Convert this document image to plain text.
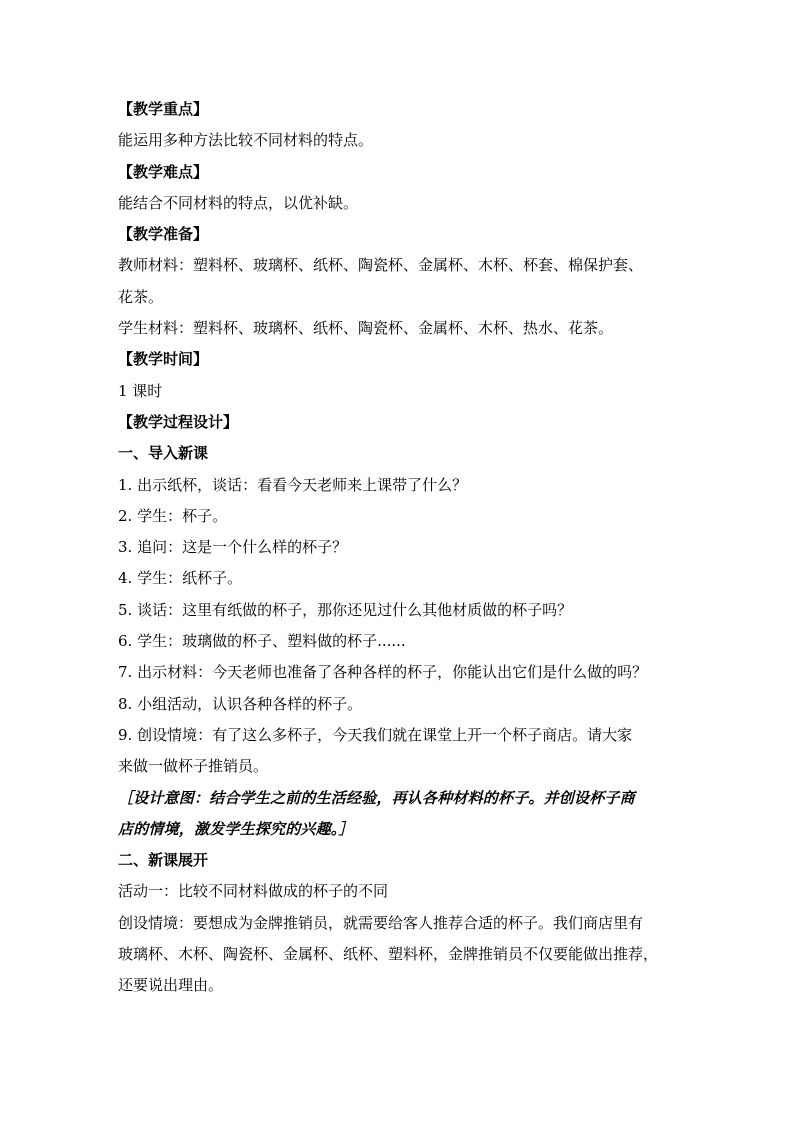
【教学重点】
能运用多种方法比较不同材料的特点。
【教学难点】
能结合不同材料的特点，以优补缺。
【教学准备】
教师材料：塑料杯、玻璃杯、纸杯、陶瓷杯、金属杯、木杯、杯套、棉保护套、
花茶。
学生材料：塑料杯、玻璃杯、纸杯、陶瓷杯、金属杯、木杯、热水、花茶。
【教学时间】
1 课时
【教学过程设计】
一、导入新课
1. 出示纸杯，谈话：看看今天老师来上课带了什么？
2. 学生：杯子。
3. 追问：这是一个什么样的杯子？
4. 学生：纸杯子。
5. 谈话：这里有纸做的杯子，那你还见过什么其他材质做的杯子吗？
6. 学生：玻璃做的杯子、塑料做的杯子......
7. 出示材料：今天老师也准备了各种各样的杯子，你能认出它们是什么做的吗？
8. 小组活动，认识各种各样的杯子。
9. 创设情境：有了这么多杯子，今天我们就在课堂上开一个杯子商店。请大家
来做一做杯子推销员。
［设计意图：结合学生之前的生活经验，再认各种材料的杯子。并创设杯子商
店的情境，激发学生探究的兴趣。］
二、新课展开
活动一：比较不同材料做成的杯子的不同
创设情境：要想成为金牌推销员，就需要给客人推荐合适的杯子。我们商店里有
玻璃杯、木杯、陶瓷杯、金属杯、纸杯、塑料杯，金牌推销员不仅要能做出推荐，
还要说出理由。
